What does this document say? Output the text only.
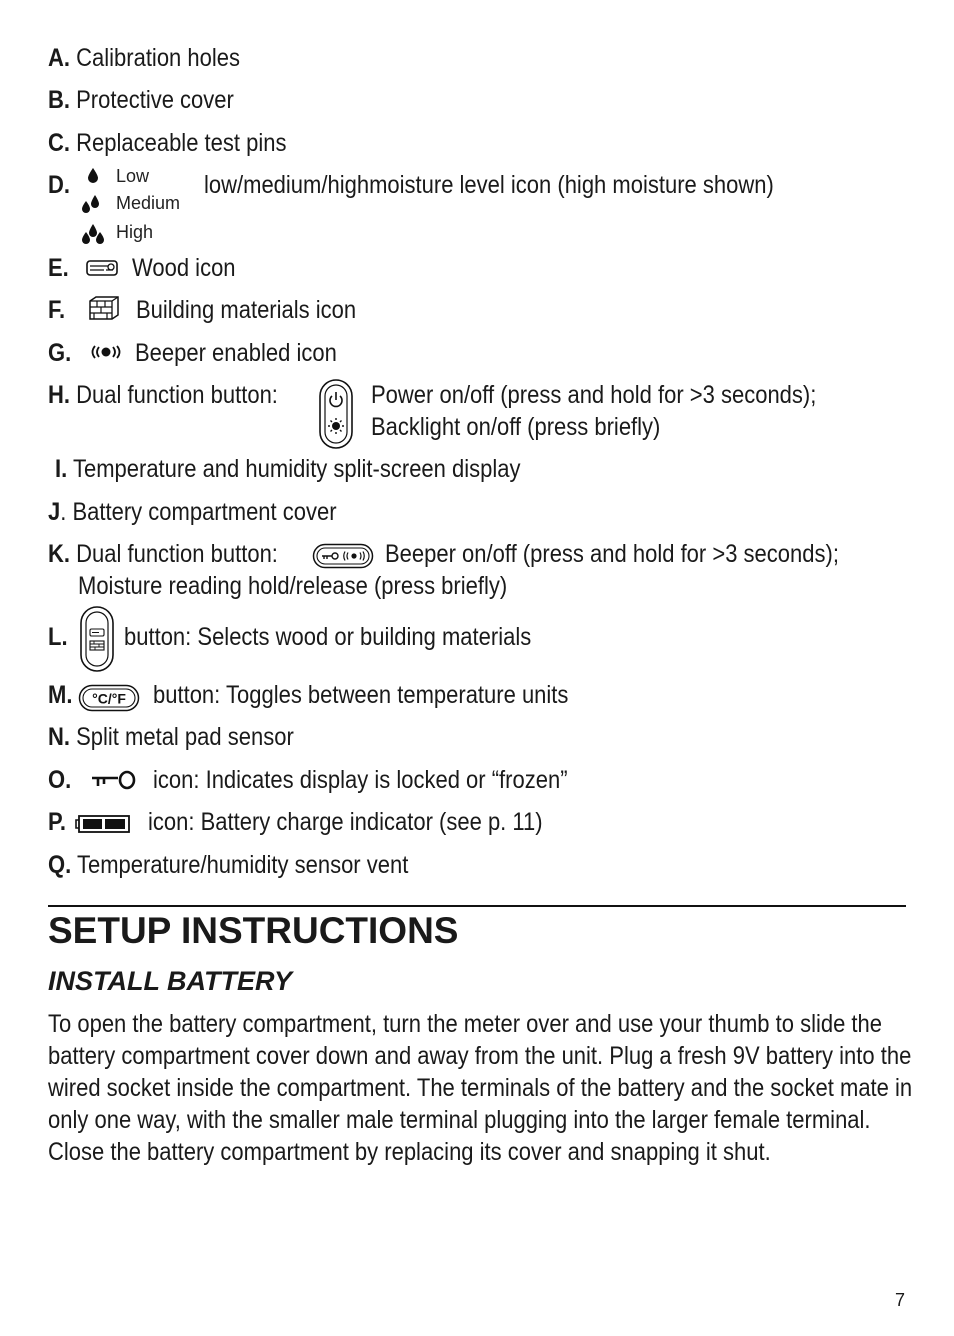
A. Calibration holes
B. Protective cover
C. Replaceable test pins
D.	Low
Medium
High
low/medium/highmoisture level icon (high moisture shown)
E.	Wood icon
F.	Building materials icon
G.	Beeper enabled icon
H. Dual function button:	Power on/off (press and hold for >3 seconds);
Backlight on/off (press briefly)
I. Temperature and humidity split-screen display
J. Battery compartment cover
K. Dual function button:	Beeper on/off (press and hold for >3 seconds);
Moisture reading hold/release (press briefly)
L. button: Selects wood or building materials
M. °C/°F button: Toggles between temperature units
N. Split metal pad sensor
O.	icon: Indicates display is locked or “frozen”
P.	icon: Battery charge indicator (see p. 11)
Q. Temperature/humidity sensor vent
SETUP INSTRUCTIONS
INSTALL BATTERY
To open the battery compartment, turn the meter over and use your thumb to slide the battery compartment cover down and away from the unit. Plug a fresh 9V battery into the wired socket inside the compartment. The terminals of the battery and the socket mate in only one way, with the smaller male terminal plugging into the larger female terminal. Close the battery compartment by replacing its cover and snapping it shut.
7
